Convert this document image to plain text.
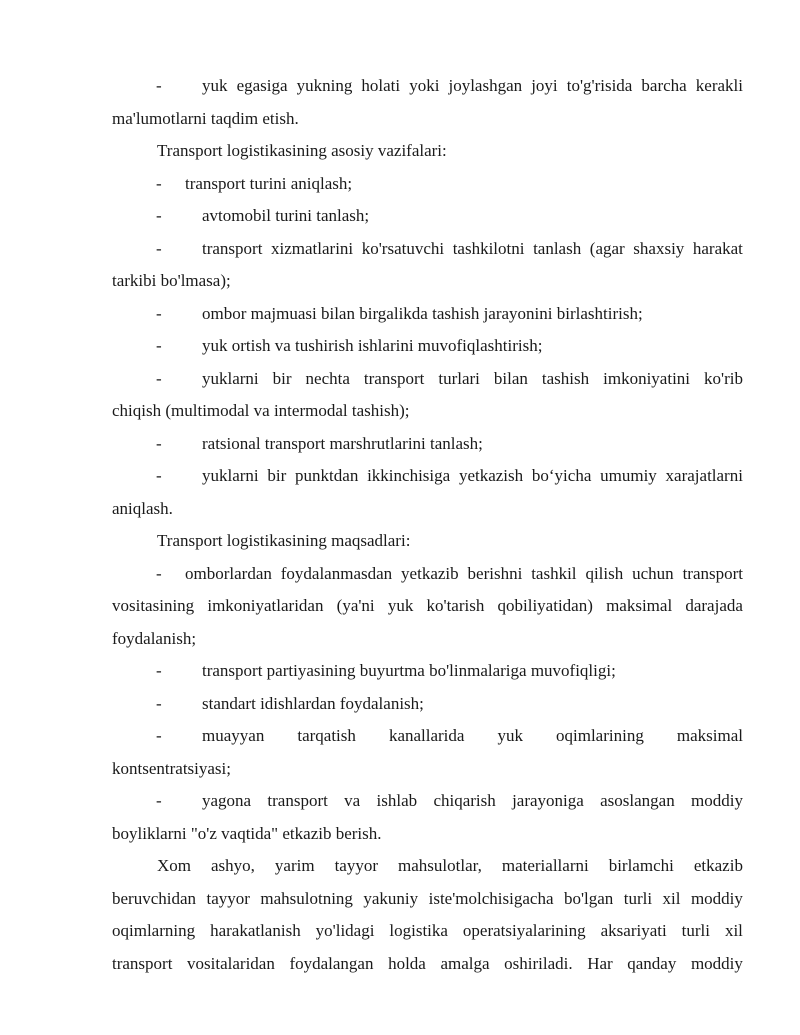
- yuk egasiga yukning holati yoki joylashgan joyi to'g'risida barcha kerakli
ma'lumotlarni taqdim etish.
Transport logistikasining asosiy vazifalari:
- transport turini aniqlash;
- avtomobil turini tanlash;
- transport xizmatlarini ko'rsatuvchi tashkilotni tanlash (agar shaxsiy harakat
tarkibi bo'lmasa);
- ombor majmuasi bilan birgalikda tashish jarayonini birlashtirish;
- yuk ortish va tushirish ishlarini muvofiqlashtirish;
- yuklarni bir nechta transport turlari bilan tashish imkoniyatini ko'rib
chiqish (multimodal va intermodal tashish);
- ratsional transport marshrutlarini tanlash;
- yuklarni bir punktdan ikkinchisiga yetkazish bo‘yicha umumiy xarajatlarni
aniqlash.
Transport logistikasining maqsadlari:
- omborlardan foydalanmasdan yetkazib berishni tashkil qilish uchun transport
vositasining imkoniyatlaridan (ya'ni yuk ko'tarish qobiliyatidan) maksimal darajada
foydalanish;
- transport partiyasining buyurtma bo'linmalariga muvofiqligi;
- standart idishlardan foydalanish;
- muayyan tarqatish kanallarida yuk oqimlarining maksimal
kontsentratsiyasi;
- yagona transport va ishlab chiqarish jarayoniga asoslangan moddiy
boyliklarni "o'z vaqtida" etkazib berish.
Xom ashyo, yarim tayyor mahsulotlar, materiallarni birlamchi etkazib
beruvchidan tayyor mahsulotning yakuniy iste'molchisigacha bo'lgan turli xil moddiy
oqimlarning harakatlanish yo'lidagi logistika operatsiyalarining aksariyati turli xil
transport vositalaridan foydalangan holda amalga oshiriladi. Har qanday moddiy
